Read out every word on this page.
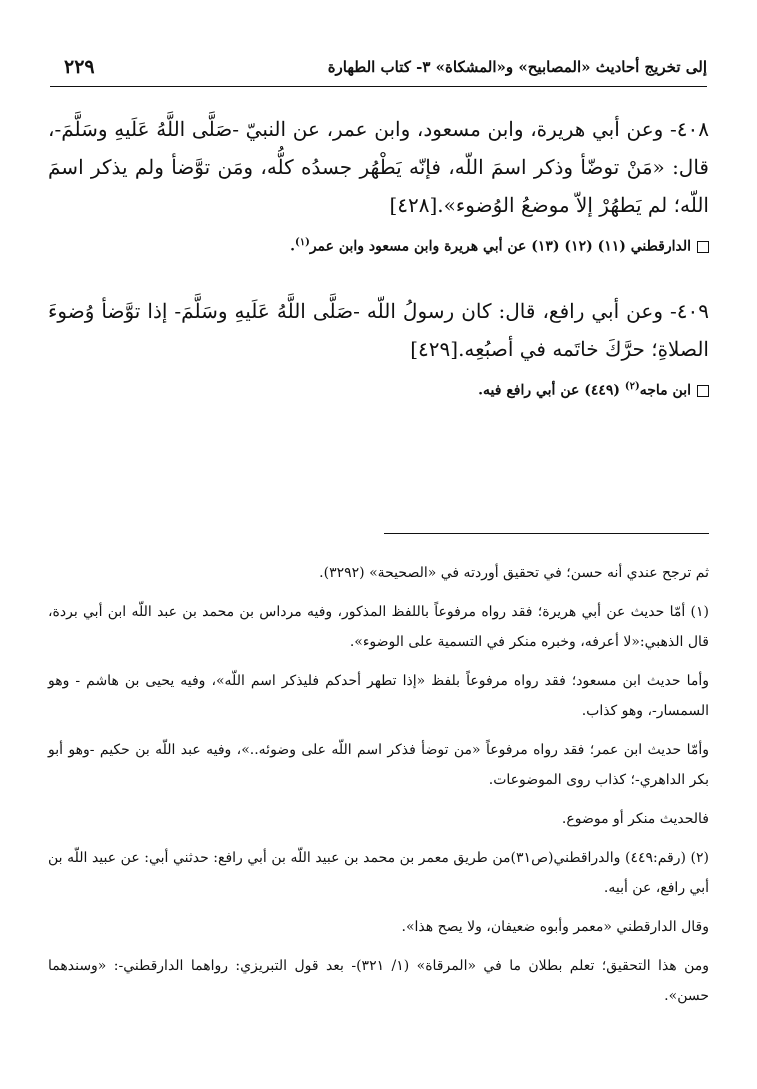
إلى تخريج أحاديث «المصابيح» و«المشكاة» ٣- كتاب الطهارة
٢٢٩
٤٠٨- وعن أبي هريرة، وابن مسعود، وابن عمر، عن النبيّ -صَلَّى اللَّهُ عَلَيهِ وسَلَّمَ-، قال: «مَنْ توضّأ وذكر اسمَ اللّه، فإنّه يَطْهُر جسدُه كلُّه، ومَن توَّضأ ولم يذكر اسمَ اللّه؛ لم يَطهُرْ إلاّ موضعُ الوُضوء».[٤٢٨]
الدارقطني (١١) (١٢) (١٣) عن أبي هريرة وابن مسعود وابن عمر$^{(١)}$.
٤٠٩- وعن أبي رافع، قال: كان رسولُ اللّه -صَلَّى اللَّهُ عَلَيهِ وسَلَّمَ- إذا توَّضأ وُضوءَ الصلاةِ؛ حرَّكَ خاتَمه في أصبُعِه.[٤٢٩]
ابن ماجه$^{(٢)}$ (٤٤٩) عن أبي رافع فيه.

ثم ترجح عندي أنه حسن؛ في تحقيق أوردته في «الصحيحة» (٣٢٩٢).

(١) أمّا حديث عن أبي هريرة؛ فقد رواه مرفوعاً باللفظ المذكور، وفيه مرداس بن محمد بن عبد اللّه ابن أبي بردة، قال الذهبي:«لا أعرفه، وخبره منكر في التسمية على الوضوء».

وأما حديث ابن مسعود؛ فقد رواه مرفوعاً بلفظ «إذا تطهر أحدكم فليذكر اسم اللّه»، وفيه يحيى بن هاشم - وهو السمسار-، وهو كذاب.

وأمّا حديث ابن عمر؛ فقد رواه مرفوعاً «من توضأ فذكر اسم اللّه على وضوئه..»، وفيه عبد اللّه بن حكيم -وهو أبو بكر الداهري-؛ كذاب روى الموضوعات.

فالحديث منكر أو موضوع.

(٢) (رقم:٤٤٩) والدراقطني(ص٣١)من طريق معمر بن محمد بن عبيد اللّه بن أبي رافع: حدثني أبي: عن عبيد اللّه بن أبي رافع، عن أبيه.

وقال الدارقطني «معمر وأبوه ضعيفان، ولا يصح هذا».

ومن هذا التحقيق؛ تعلم بطلان ما في «المرقاة» (١/ ٣٢١)- بعد قول التبريزي: رواهما الدارقطني-: «وسندهما حسن».
